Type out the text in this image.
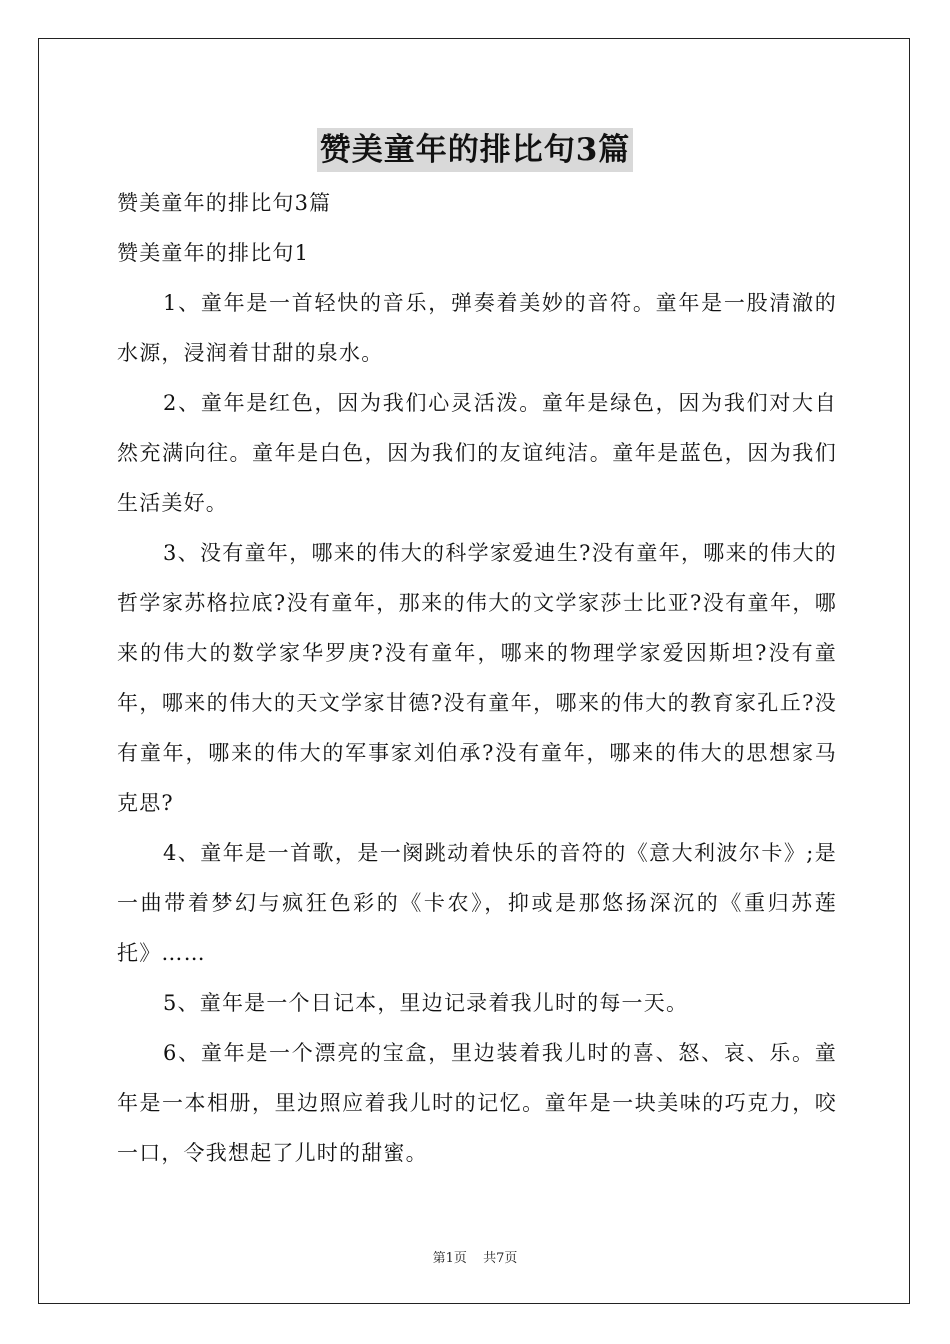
赞美童年的排比句3篇
赞美童年的排比句3篇
赞美童年的排比句1

1、童年是一首轻快的音乐，弹奏着美妙的音符。童年是一股清澈的水源，浸润着甘甜的泉水。

2、童年是红色，因为我们心灵活泼。童年是绿色，因为我们对大自然充满向往。童年是白色，因为我们的友谊纯洁。童年是蓝色，因为我们生活美好。

3、没有童年，哪来的伟大的科学家爱迪生?没有童年，哪来的伟大的哲学家苏格拉底?没有童年，那来的伟大的文学家莎士比亚?没有童年，哪来的伟大的数学家华罗庚?没有童年，哪来的物理学家爱因斯坦?没有童年，哪来的伟大的天文学家甘德?没有童年，哪来的伟大的教育家孔丘?没有童年，哪来的伟大的军事家刘伯承?没有童年，哪来的伟大的思想家马克思?

4、童年是一首歌，是一阕跳动着快乐的音符的《意大利波尔卡》;是一曲带着梦幻与疯狂色彩的《卡农》，抑或是那悠扬深沉的《重归苏莲托》……

5、童年是一个日记本，里边记录着我儿时的每一天。

6、童年是一个漂亮的宝盒，里边装着我儿时的喜、怒、哀、乐。童年是一本相册，里边照应着我儿时的记忆。童年是一块美味的巧克力，咬一口，令我想起了儿时的甜蜜。

第1页 共7页
